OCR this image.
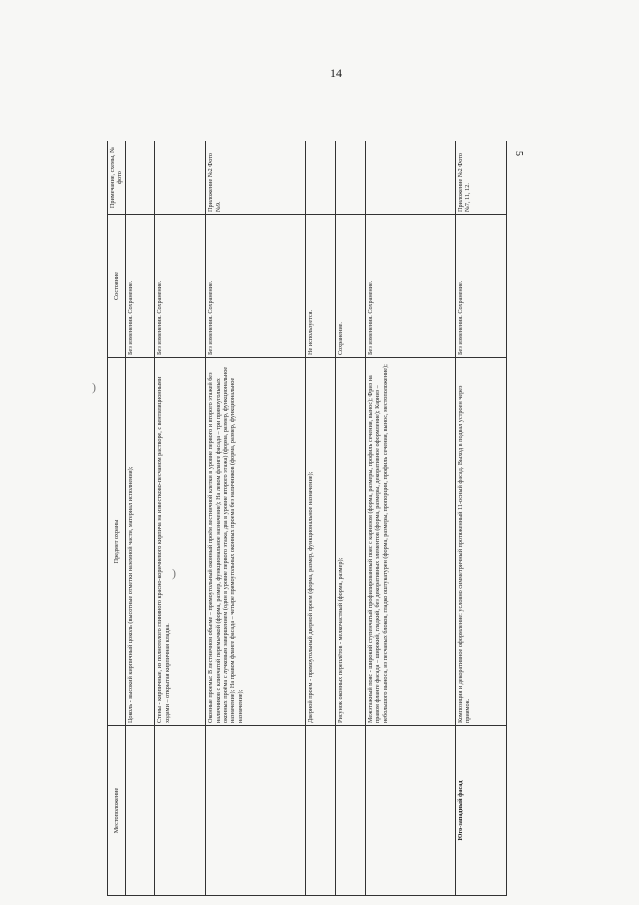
14
5
)
)
Местоположение	Предмет охраны	Состояние	Примечание, схемы, № фото
	Цоколь - высокий кирпичный цоколь (высотные отметки наземной части, материал исполнения);	Без изменения. Сохранение.	
	Стены - кирпичные, из полнотелого глиняного красно-коричневого кирпича на известково-песчаном растворе, с вентиляционными ходами – открытая кирпичная кладка.	Без изменения. Сохранение.	
	Оконные проемы: В лестничном объеме – прямоугольный оконный проём лестничной клетки в уровне первого и второго этажей без наличников с клинчатой перемычкой (форма, размер, функциональное назначение); На левом фланге фасада – три прямоугольных оконных проёма с лучковым завершением (один в уровне первого этажа, два в уровне второго этажа) (форма, размер, функциональное назначение); На правом фланге фасада – четыре прямоугольных оконных проема без наличников (форма, размер, функциональное назначение);	Без изменения. Сохранение.	Приложение №2 Фото №9.
	Дверной проем - прямоугольный дверной проем (форма, размер, функциональное назначение);	Не используется.	
	Рисунок оконных переплётов - мелкочастный (форма, размер);	Сохранение.	
	Межэтажный пояс - широкий ступенчатый профилированный пояс с карнизом (форма, размеры, профиль сечения, вынос); Фриз на правом фланге фасада – широкий, гладкий, без декоративных элементов (форма, размеры, декоративное оформление); Карниз – небольшого выноса, из песчаных блоков, гладко оштукатурен (форма, размеры, пропорции, профиль сечения, вынос, местоположение);	Без изменения. Сохранение.	
Юго-западный фасад	Композиция и декоративное оформление: условно симметричный протяженный 11-осный фасад. Выход в подвал устроен через приямок.	Без изменения. Сохранение.	Приложение №2 Фото №7, 11, 12.
